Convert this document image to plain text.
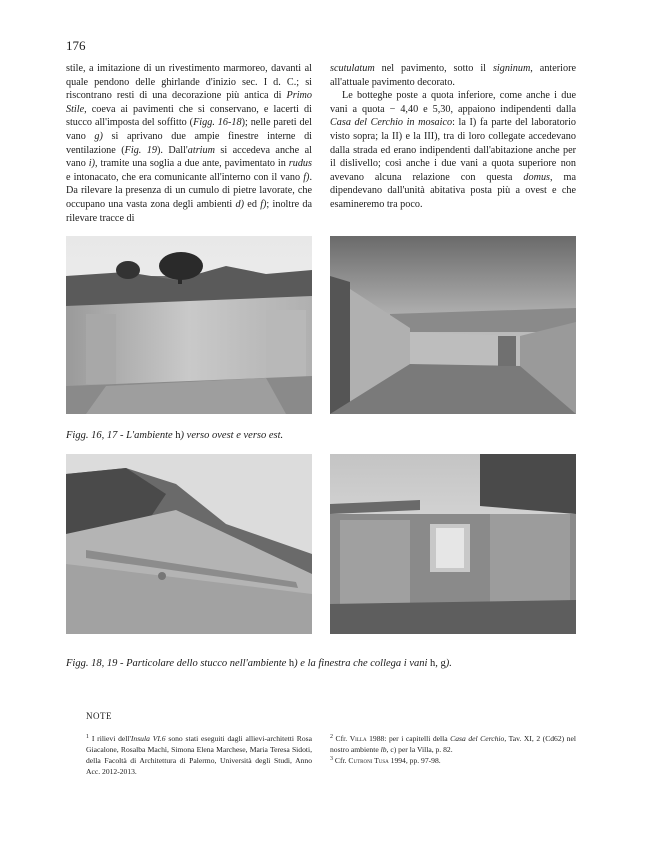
176

stile, a imitazione di un rivestimento marmoreo, davanti al quale pendono delle ghirlande d'inizio sec. I d. C.; si riscontrano resti di una decorazione più antica di Primo Stile, coeva ai pavimenti che si conservano, e lacerti di stucco all'imposta del soffitto (Figg. 16-18); nelle pareti del vano g) si aprivano due ampie finestre interne di ventilazione (Fig. 19). Dall'atrium si accedeva anche al vano i), tramite una soglia a due ante, pavimentato in rudus e intonacato, che era comunicante all'interno con il vano f). Da rilevare la presenza di un cumulo di pietre lavorate, che occupano una vasta zona degli ambienti d) ed f); inoltre da rilevare tracce di

scutulatum nel pavimento, sotto il signinum, anteriore all'attuale pavimento decorato.

Le botteghe poste a quota inferiore, come anche i due vani a quota − 4,40 e 5,30, appaiono indipendenti dalla Casa del Cerchio in mosaico: la I) fa parte del laboratorio visto sopra; la II) e la III), tra di loro collegate accedevano dalla strada ed erano indipendenti dall'abitazione anche per il dislivello; così anche i due vani a quota superiore non avevano alcuna relazione con questa domus, ma dipendevano dall'unità abitativa posta più a ovest e che esamineremo tra poco.

Figg. 16, 17 - L'ambiente h) verso ovest e verso est.
Figg. 18, 19 - Particolare dello stucco nell'ambiente h) e la finestra che collega i vani h, g).
NOTE

$^1$ I rilievi dell'Insula VI.6 sono stati eseguiti dagli allievi-architetti Rosa Giacalone, Rosalba Machì, Simona Elena Marchese, Maria Teresa Sidoti, della Facoltà di Architettura di Palermo, Università degli Studi, Anno Acc. 2012-2013.

$^2$ Cfr. Villa 1988: per i capitelli della Casa del Cerchio, Tav. XI, 2 (Cd62) nel nostro ambiente lb, c) per la Villa, p. 82.

$^3$ Cfr. Cutroni Tusa 1994, pp. 97-98.
